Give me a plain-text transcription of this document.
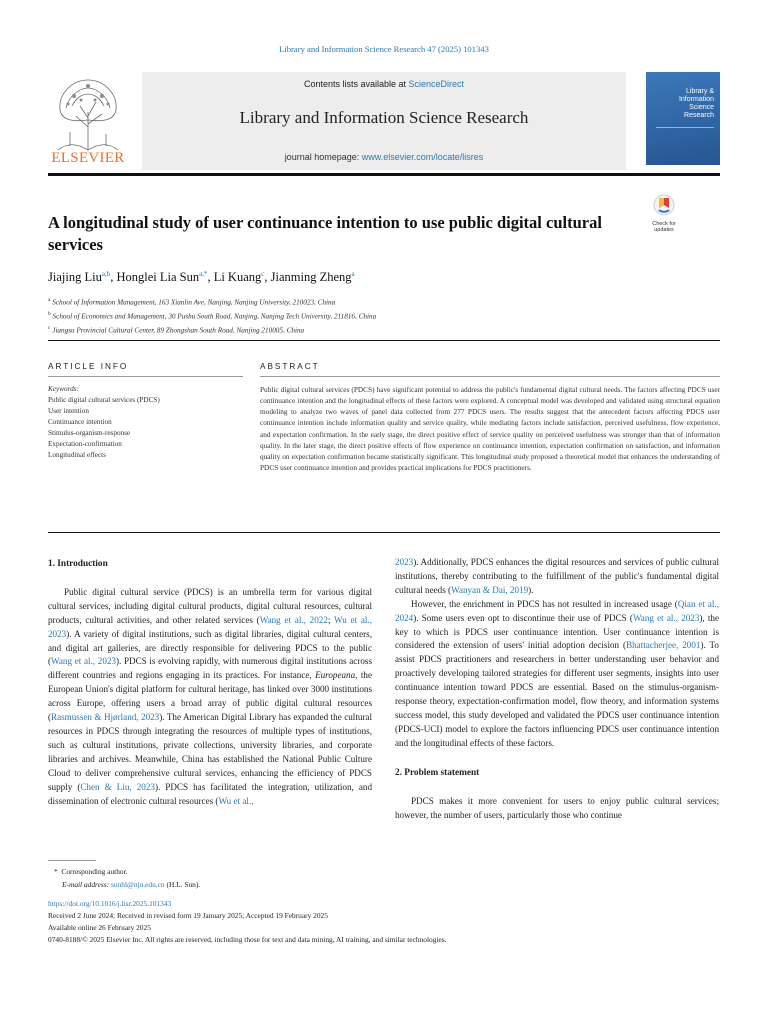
Library and Information Science Research 47 (2025) 101343
ELSEVIER
Contents lists available at ScienceDirect
Library and Information Science Research
journal homepage: www.elsevier.com/locate/lisres
Library &
Information
Science
Research
A longitudinal study of user continuance intention to use public digital cultural services
Check for
updates
Jiajing Liu$^{a,b}$, Honglei Lia Sun$^{a,*}$, Li Kuang$^c$, Jianming Zheng$^a$
$^a$ School of Information Management, 163 Xianlin Ave, Nanjing, Nanjing University, 210023, China
$^b$ School of Economics and Management, 30 Pushu South Road, Nanjing, Nanjing Tech University, 211816, China
$^c$ Jiangsu Provincial Cultural Center, 89 Zhongshan South Road, Nanjing 210005, China
ARTICLE INFO	ABSTRACT
Keywords:
Public digital cultural services (PDCS)
User intention
Continuance intention
Stimulus-organism-response
Expectation-confirmation
Longitudinal effects
Public digital cultural services (PDCS) have significant potential to address the public's fundamental digital cultural needs. The factors affecting PDCS user continuance intention and the longitudinal effects of these factors were explored. A conceptual model was developed and validated using structural equation modeling to analyze two waves of panel data collected from 277 PDCS users. The results suggest that the antecedent factors affecting PDCS user continuance intention include information quality and service quality, while mediating factors include satisfaction, perceived usefulness, flow experience, and expectation confirmation. In the early stage, the direct positive effect of service quality on perceived usefulness was stronger than that of information quality. In the later stage, the direct positive effects of flow experience on continuance intention, expectation confirmation on satisfaction, and information quality on expectation confirmation became statistically significant. This longitudinal study proposed a theoretical model that enhances the understanding of PDCS user continuance intention and provides practical implications for PDCS practitioners.
1. Introduction

Public digital cultural service (PDCS) is an umbrella term for various digital cultural services, including digital cultural products, digital cultural resources, cultural products, cultural activities, and other related services (Wang et al., 2022; Wu et al., 2023). A variety of digital institutions, such as digital libraries, digital cultural centers, and digital art galleries, are directly responsible for delivering PDCS to the public (Wang et al., 2023). PDCS is evolving rapidly, with numerous digital institutions across different countries and regions engaging in its practices. For instance, Europeana, the European Union's digital platform for cultural heritage, has linked over 3000 institutions across Europe, offering users a broad array of public digital cultural resources (Rasmussen & Hjørland, 2023). The American Digital Library has expanded the cultural resources in PDCS through integrating the resources of multiple types of institutions, such as cultural institutions, private collections, university libraries, and corporate libraries and archives. Meanwhile, China has established the National Public Culture Cloud to deliver comprehensive cultural services, enhancing the efficiency of PDCS supply (Chen & Liu, 2023). PDCS has facilitated the integration, utilization, and dissemination of electronic cultural resources (Wu et al.,

2023). Additionally, PDCS enhances the digital resources and services of public cultural institutions, thereby contributing to the fulfillment of the public's fundamental digital cultural needs (Wanyan & Dai, 2019).

However, the enrichment in PDCS has not resulted in increased usage (Qian et al., 2024). Some users even opt to discontinue their use of PDCS (Wang et al., 2023), the key to which is PDCS user continuance intention. User continuance intention is considered the extension of users' initial adoption decision (Bhattacherjee, 2001). To assist PDCS practitioners and researchers in better understanding user behavior and proactively developing tailored strategies for different user segments, insights into user continuance intention toward PDCS are essential. Based on the stimulus-organism-response theory, expectation-confirmation model, flow theory, and information systems success model, this study developed and validated the PDCS user continuance intention (PDCS-UCI) model to explore the factors influencing PDCS user continuance intention and the longitudinal effects of these factors.

2. Problem statement

PDCS makes it more convenient for users to enjoy public cultural services; however, the number of users, particularly those who continue

* Corresponding author.
E-mail address: sunhl@nju.edu.cn (H.L. Sun).
https://doi.org/10.1016/j.lisr.2025.101343
Received 2 June 2024; Received in revised form 19 January 2025; Accepted 19 February 2025
Available online 26 February 2025
0740-8188/© 2025 Elsevier Inc. All rights are reserved, including those for text and data mining, AI training, and similar technologies.
